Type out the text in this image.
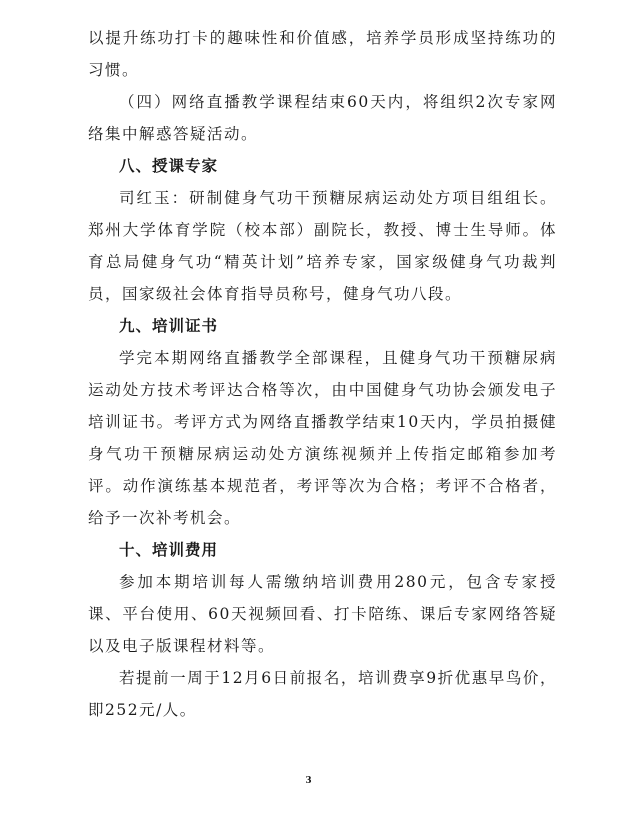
以提升练功打卡的趣味性和价值感，培养学员形成坚持练功的习惯。

（四）网络直播教学课程结束60天内，将组织2次专家网络集中解惑答疑活动。

八、授课专家

司红玉：研制健身气功干预糖尿病运动处方项目组组长。郑州大学体育学院（校本部）副院长，教授、博士生导师。体育总局健身气功“精英计划”培养专家，国家级健身气功裁判员，国家级社会体育指导员称号，健身气功八段。

九、培训证书

学完本期网络直播教学全部课程，且健身气功干预糖尿病运动处方技术考评达合格等次，由中国健身气功协会颁发电子培训证书。考评方式为网络直播教学结束10天内，学员拍摄健身气功干预糖尿病运动处方演练视频并上传指定邮箱参加考评。动作演练基本规范者，考评等次为合格；考评不合格者，给予一次补考机会。

十、培训费用

参加本期培训每人需缴纳培训费用280元，包含专家授课、平台使用、60天视频回看、打卡陪练、课后专家网络答疑以及电子版课程材料等。

若提前一周于12月6日前报名，培训费享9折优惠早鸟价，即252元/人。

3
